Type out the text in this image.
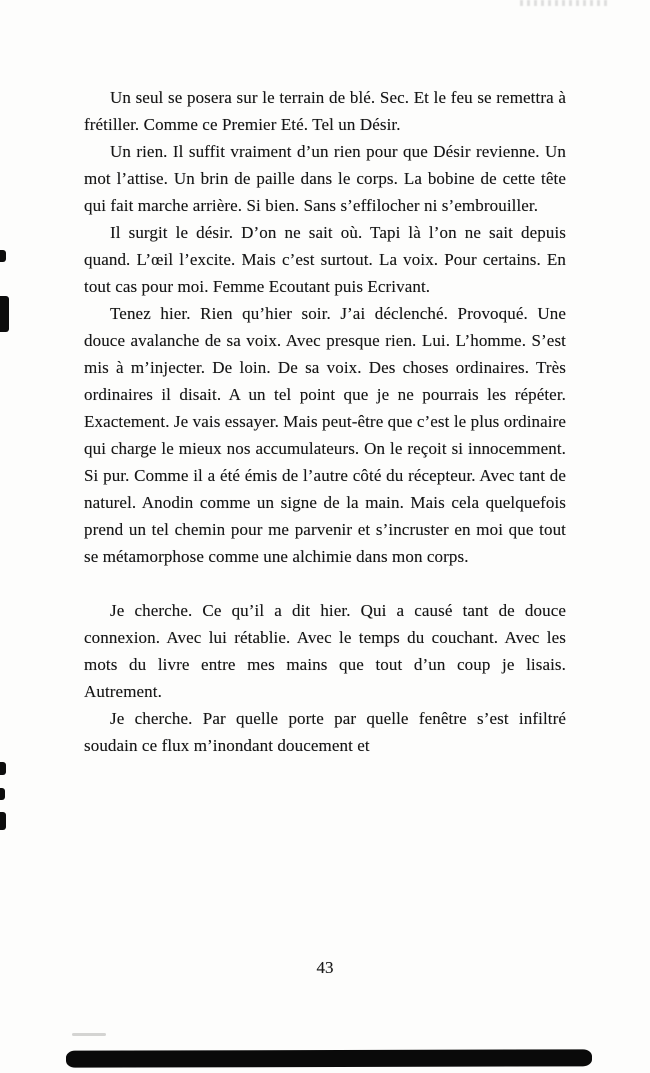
Un seul se posera sur le terrain de blé. Sec. Et le feu se remettra à frétiller. Comme ce Premier Eté. Tel un Désir.

Un rien. Il suffit vraiment d’un rien pour que Désir revienne. Un mot l’attise. Un brin de paille dans le corps. La bobine de cette tête qui fait marche arrière. Si bien. Sans s’effilocher ni s’embrouiller.

Il surgit le désir. D’on ne sait où. Tapi là l’on ne sait depuis quand. L’œil l’excite. Mais c’est surtout. La voix. Pour certains. En tout cas pour moi. Femme Ecoutant puis Ecrivant.

Tenez hier. Rien qu’hier soir. J’ai déclenché. Provoqué. Une douce avalanche de sa voix. Avec presque rien. Lui. L’homme. S’est mis à m’injecter. De loin. De sa voix. Des choses ordinaires. Très ordinaires il disait. A un tel point que je ne pourrais les répéter. Exactement. Je vais essayer. Mais peut-être que c’est le plus ordinaire qui charge le mieux nos accumulateurs. On le reçoit si innocemment. Si pur. Comme il a été émis de l’autre côté du récepteur. Avec tant de naturel. Anodin comme un signe de la main. Mais cela quelquefois prend un tel chemin pour me parvenir et s’incruster en moi que tout se métamorphose comme une alchimie dans mon corps.

Je cherche. Ce qu’il a dit hier. Qui a causé tant de douce connexion. Avec lui rétablie. Avec le temps du couchant. Avec les mots du livre entre mes mains que tout d’un coup je lisais. Autrement.

Je cherche. Par quelle porte par quelle fenêtre s’est infiltré soudain ce flux m’inondant doucement et

43
